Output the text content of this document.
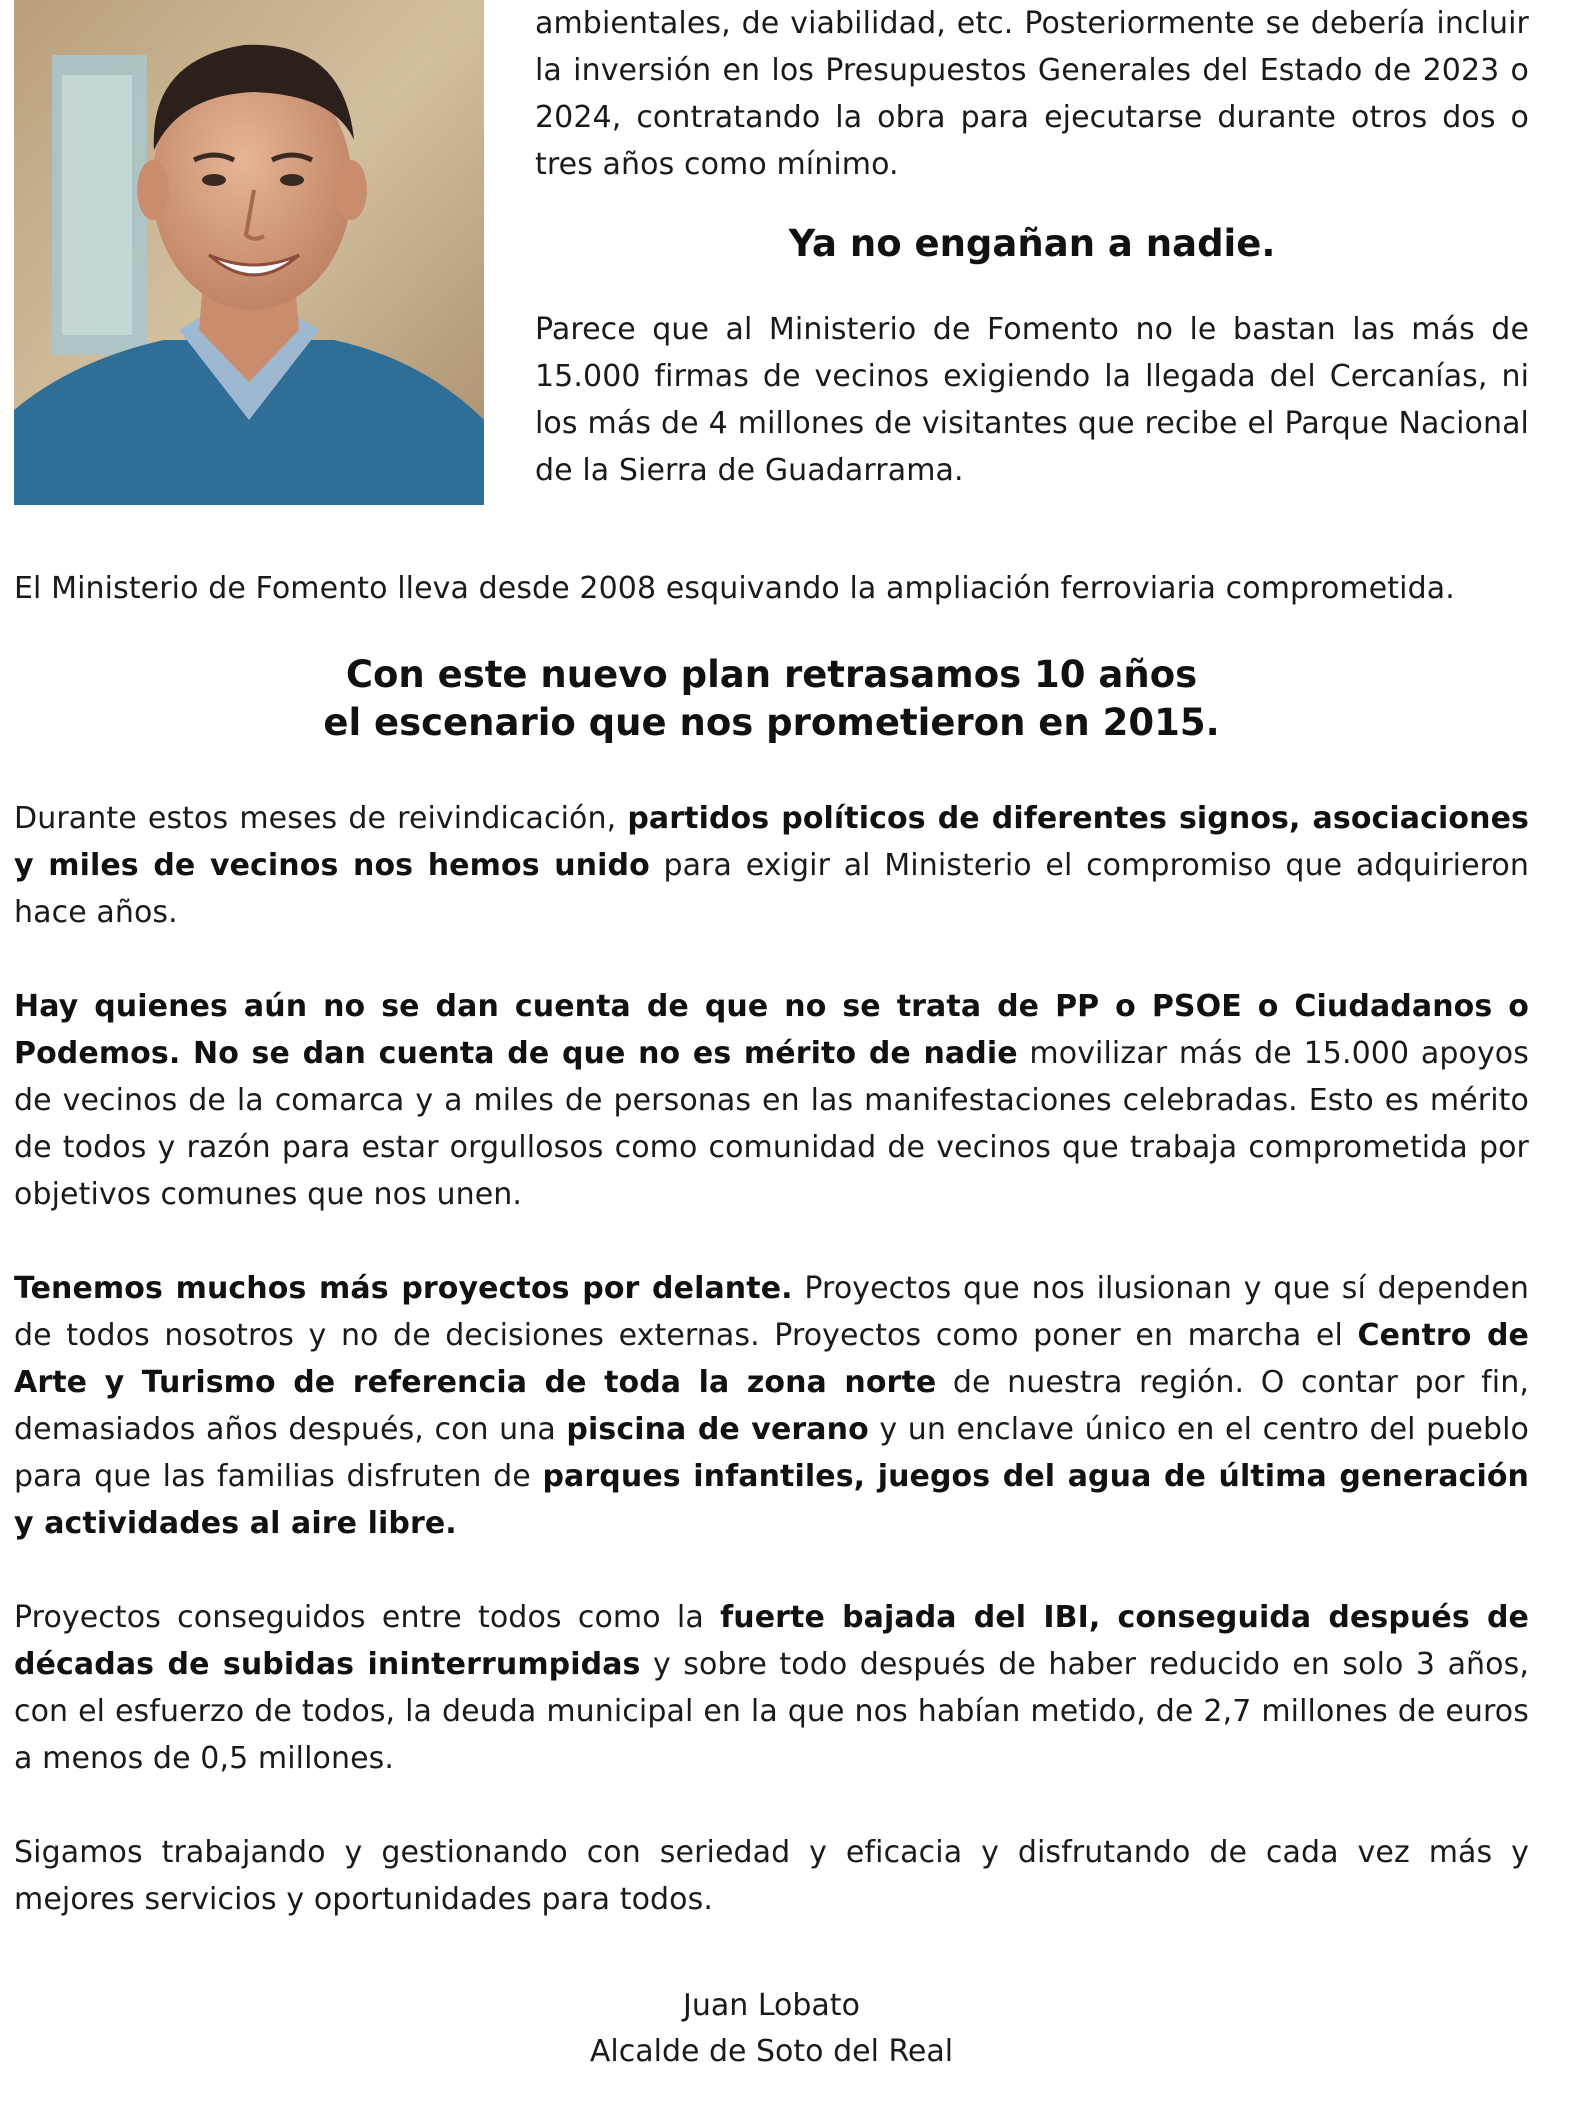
ambientales, de viabilidad, etc. Posteriormente se debería incluir la inversión en los Presupuestos Generales del Estado de 2023 o 2024, contratando la obra para ejecutarse durante otros dos o tres años como mínimo.

Ya no engañan a nadie.

Parece que al Ministerio de Fomento no le bastan las más de 15.000 firmas de vecinos exigiendo la llegada del Cercanías, ni los más de 4 millones de visitantes que recibe el Parque Nacional de la Sierra de Guadarrama.

El Ministerio de Fomento lleva desde 2008 esquivando la ampliación ferroviaria comprometida.

Con este nuevo plan retrasamos 10 años
el escenario que nos prometieron en 2015.

Durante estos meses de reivindicación, partidos políticos de diferentes signos, asociaciones y miles de vecinos nos hemos unido para exigir al Ministerio el compromiso que adquirieron hace años.

Hay quienes aún no se dan cuenta de que no se trata de PP o PSOE o Ciudadanos o Podemos. No se dan cuenta de que no es mérito de nadie movilizar más de 15.000 apoyos de vecinos de la comarca y a miles de personas en las manifestaciones celebradas. Esto es mérito de todos y razón para estar orgullosos como comunidad de vecinos que trabaja comprometida por objetivos comunes que nos unen.

Tenemos muchos más proyectos por delante. Proyectos que nos ilusionan y que sí dependen de todos nosotros y no de decisiones externas. Proyectos como poner en marcha el Centro de Arte y Turismo de referencia de toda la zona norte de nuestra región. O contar por fin, demasiados años después, con una piscina de verano y un enclave único en el centro del pueblo para que las familias disfruten de parques infantiles, juegos del agua de última generación y actividades al aire libre.

Proyectos conseguidos entre todos como la fuerte bajada del IBI, conseguida después de décadas de subidas ininterrumpidas y sobre todo después de haber reducido en solo 3 años, con el esfuerzo de todos, la deuda municipal en la que nos habían metido, de 2,7 millones de euros a menos de 0,5 millones.

Sigamos trabajando y gestionando con seriedad y eficacia y disfrutando de cada vez más y mejores servicios y oportunidades para todos.

Juan Lobato
Alcalde de Soto del Real
